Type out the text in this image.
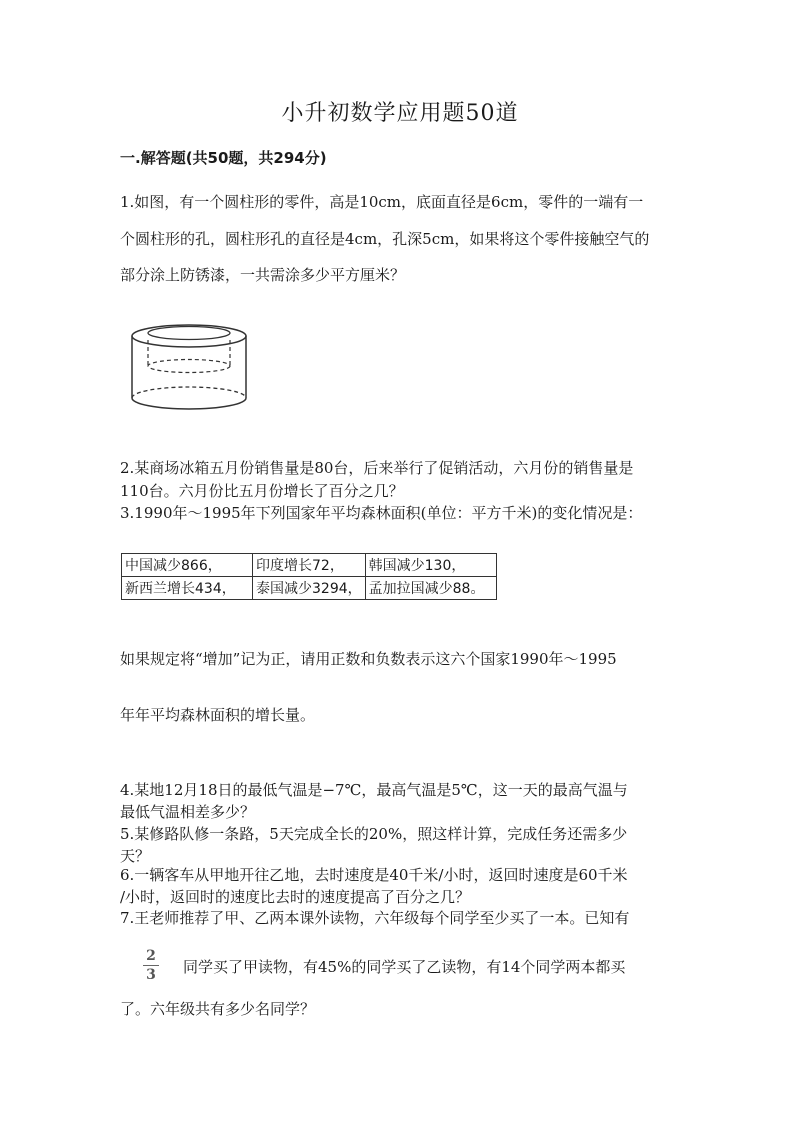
小升初数学应用题50道
一.解答题(共50题，共294分)
1.如图，有一个圆柱形的零件，高是10cm，底面直径是6cm，零件的一端有一
个圆柱形的孔，圆柱形孔的直径是4cm，孔深5cm，如果将这个零件接触空气的
部分涂上防锈漆，一共需涂多少平方厘米？
2.某商场冰箱五月份销售量是80台，后来举行了促销活动，六月份的销售量是
110台。六月份比五月份增长了百分之几？
3.1990年～1995年下列国家年平均森林面积(单位：平方千米)的变化情况是：
中国减少866，	印度增长72，	韩国减少130，
新西兰增长434，	泰国减少3294，	孟加拉国减少88。
如果规定将“增加”记为正，请用正数和负数表示这六个国家1990年～1995
年年平均森林面积的增长量。
4.某地12月18日的最低气温是−7℃，最高气温是5℃，这一天的最高气温与
最低气温相差多少？
5.某修路队修一条路，5天完成全长的20%，照这样计算，完成任务还需多少
天？
6.一辆客车从甲地开往乙地，去时速度是40千米/小时，返回时速度是60千米
/小时，返回时的速度比去时的速度提高了百分之几？
7.王老师推荐了甲、乙两本课外读物，六年级每个同学至少买了一本。已知有
2
3 同学买了甲读物，有45%的同学买了乙读物，有14个同学两本都买
了。六年级共有多少名同学？
